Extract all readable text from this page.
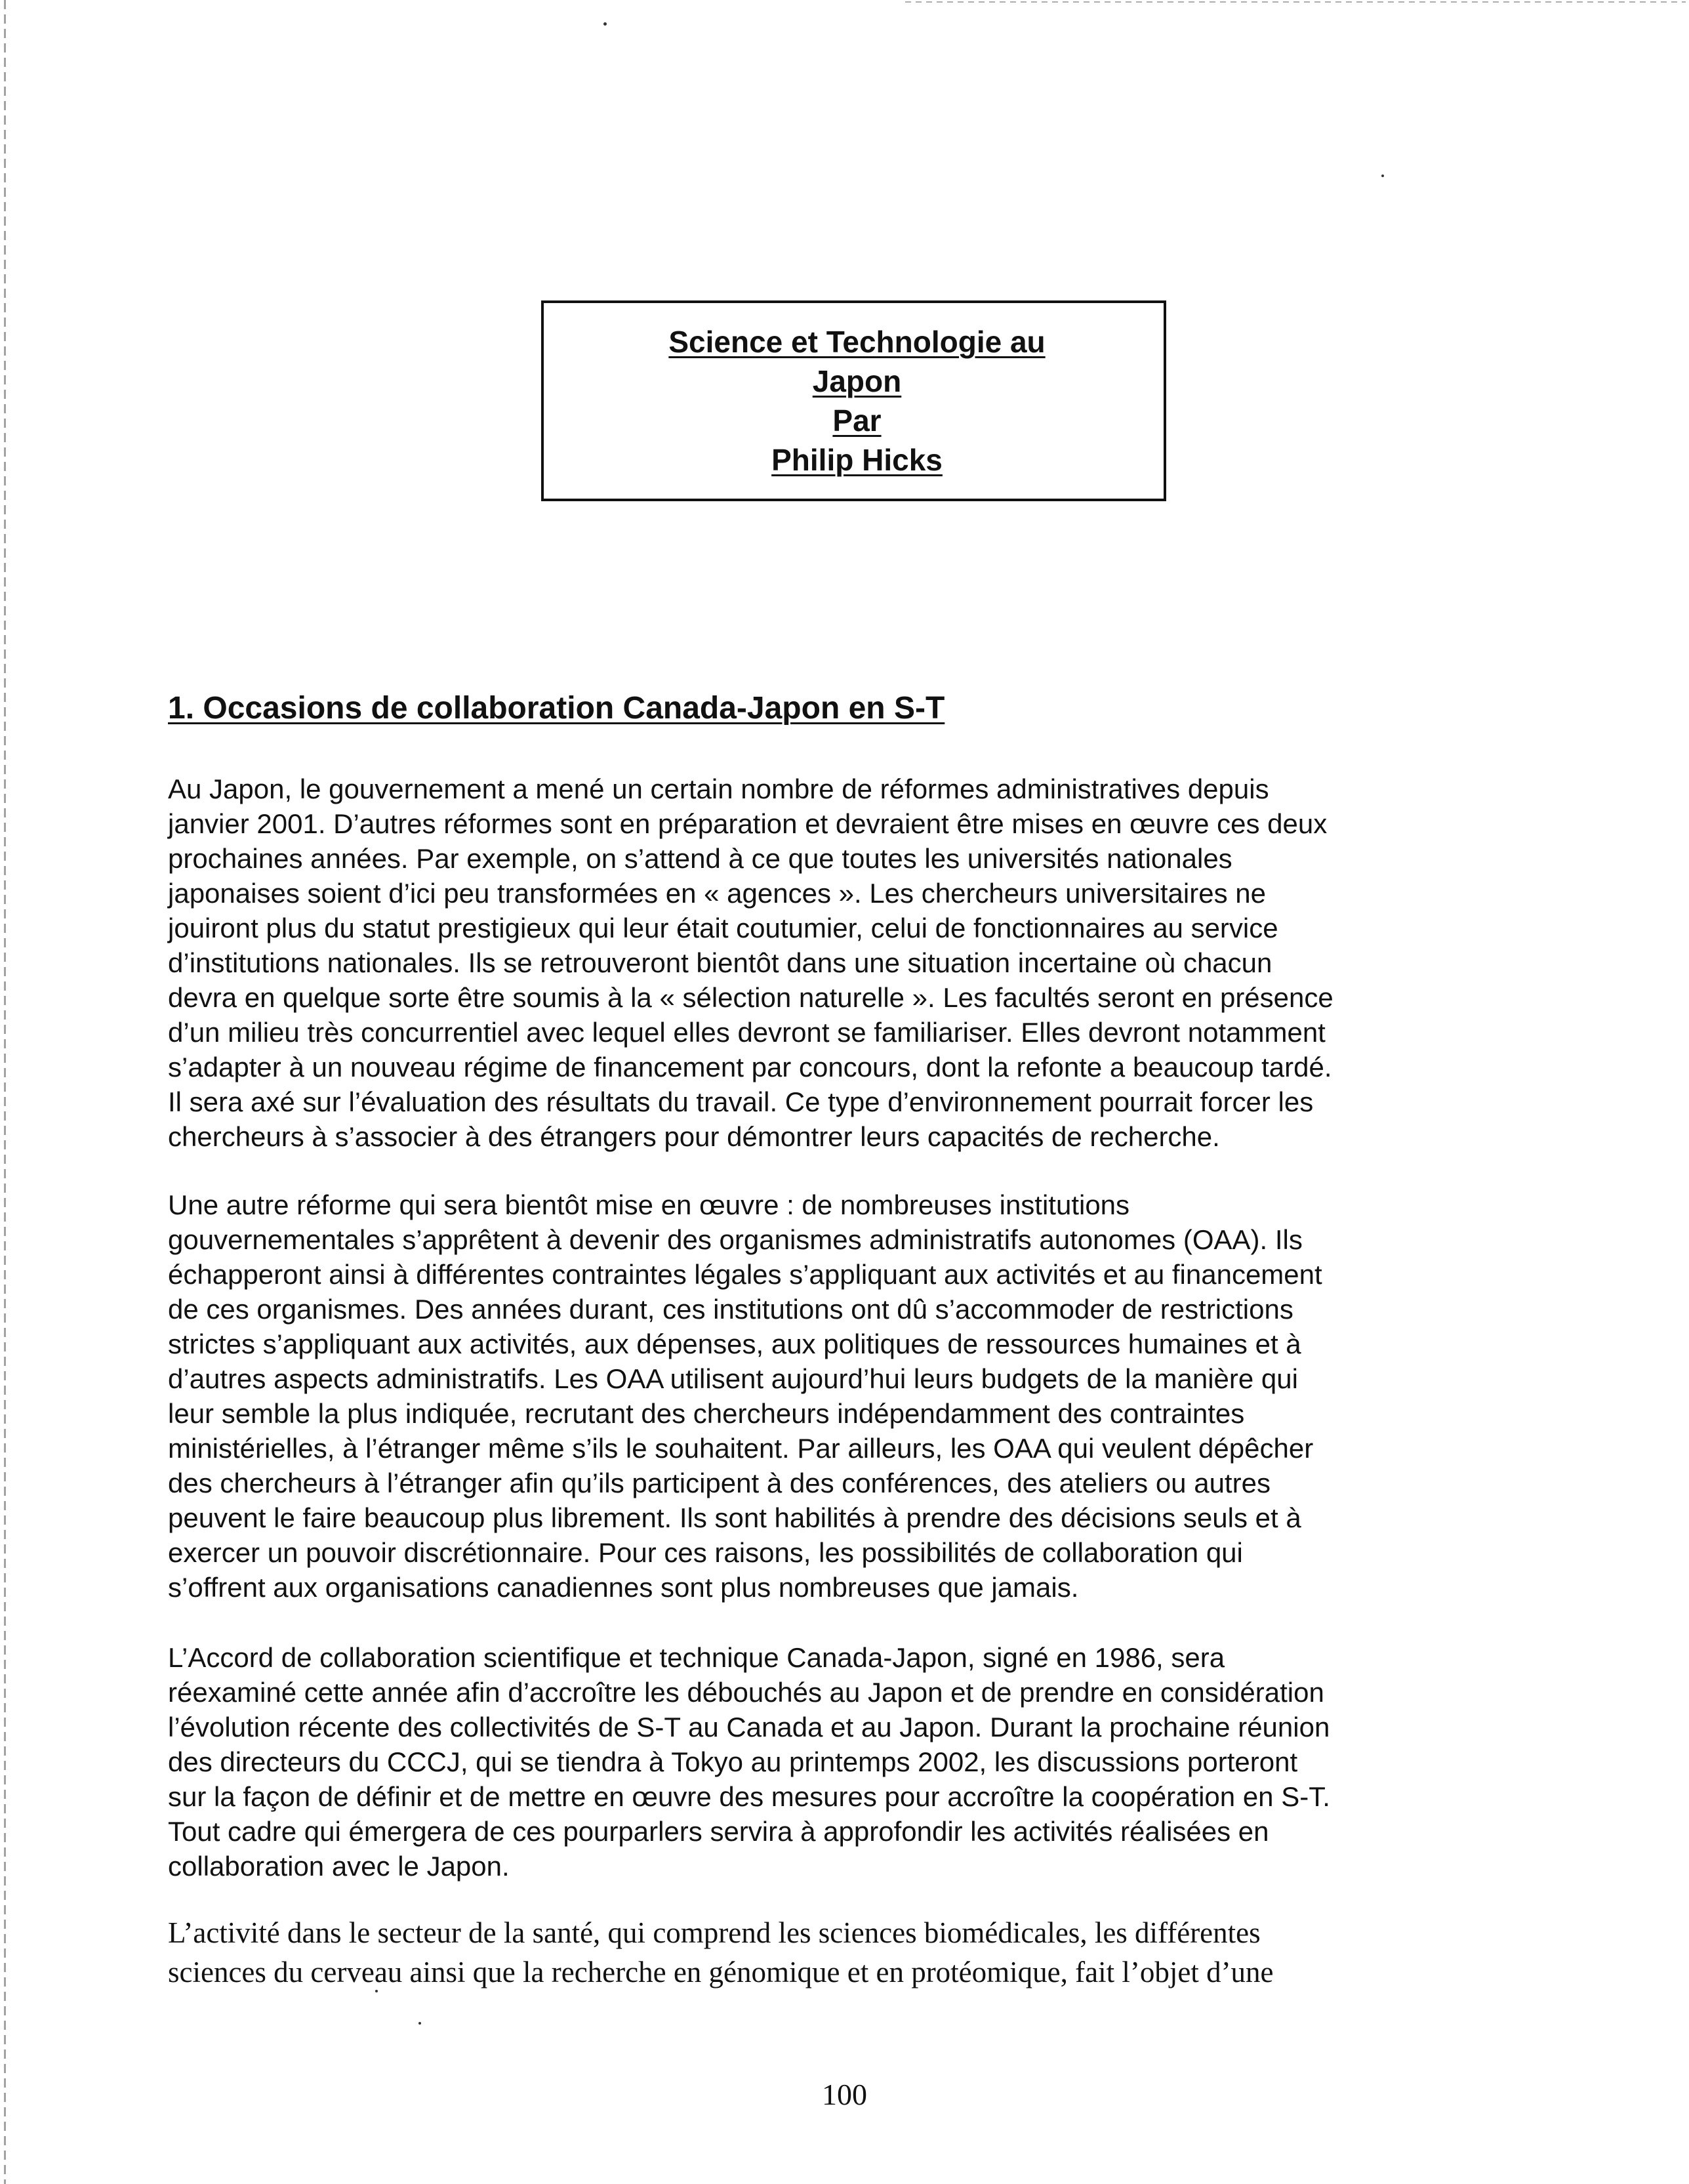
Science et Technologie au
Japon
Par
Philip Hicks
1. Occasions de collaboration Canada-Japon en S-T
Au Japon, le gouvernement a mené un certain nombre de réformes administratives depuis
janvier 2001. D’autres réformes sont en préparation et devraient être mises en œuvre ces deux
prochaines années. Par exemple, on s’attend à ce que toutes les universités nationales
japonaises soient d’ici peu transformées en « agences ». Les chercheurs universitaires ne
jouiront plus du statut prestigieux qui leur était coutumier, celui de fonctionnaires au service
d’institutions nationales. Ils se retrouveront bientôt dans une situation incertaine où chacun
devra en quelque sorte être soumis à la « sélection naturelle ». Les facultés seront en présence
d’un milieu très concurrentiel avec lequel elles devront se familiariser. Elles devront notamment
s’adapter à un nouveau régime de financement par concours, dont la refonte a beaucoup tardé.
Il sera axé sur l’évaluation des résultats du travail. Ce type d’environnement pourrait forcer les
chercheurs à s’associer à des étrangers pour démontrer leurs capacités de recherche.
Une autre réforme qui sera bientôt mise en œuvre : de nombreuses institutions
gouvernementales s’apprêtent à devenir des organismes administratifs autonomes (OAA). Ils
échapperont ainsi à différentes contraintes légales s’appliquant aux activités et au financement
de ces organismes. Des années durant, ces institutions ont dû s’accommoder de restrictions
strictes s’appliquant aux activités, aux dépenses, aux politiques de ressources humaines et à
d’autres aspects administratifs. Les OAA utilisent aujourd’hui leurs budgets de la manière qui
leur semble la plus indiquée, recrutant des chercheurs indépendamment des contraintes
ministérielles, à l’étranger même s’ils le souhaitent. Par ailleurs, les OAA qui veulent dépêcher
des chercheurs à l’étranger afin qu’ils participent à des conférences, des ateliers ou autres
peuvent le faire beaucoup plus librement. Ils sont habilités à prendre des décisions seuls et à
exercer un pouvoir discrétionnaire. Pour ces raisons, les possibilités de collaboration qui
s’offrent aux organisations canadiennes sont plus nombreuses que jamais.
L’Accord de collaboration scientifique et technique Canada-Japon, signé en 1986, sera
réexaminé cette année afin d’accroître les débouchés au Japon et de prendre en considération
l’évolution récente des collectivités de S-T au Canada et au Japon. Durant la prochaine réunion
des directeurs du CCCJ, qui se tiendra à Tokyo au printemps 2002, les discussions porteront
sur la façon de définir et de mettre en œuvre des mesures pour accroître la coopération en S-T.
Tout cadre qui émergera de ces pourparlers servira à approfondir les activités réalisées en
collaboration avec le Japon.
L’activité dans le secteur de la santé, qui comprend les sciences biomédicales, les différentes
sciences du cerveau ainsi que la recherche en génomique et en protéomique, fait l’objet d’une
100
